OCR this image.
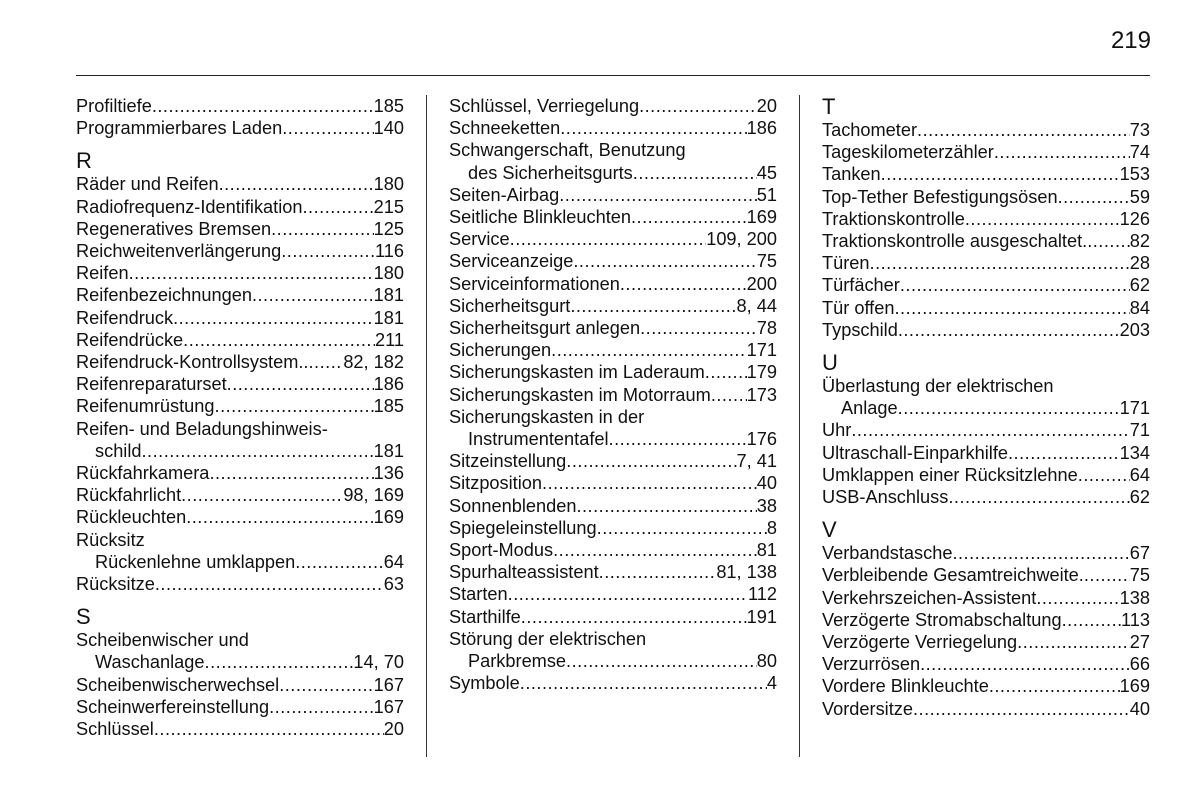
219
Profiltiefe .....	185
Programmierbares Laden .....	140
R
Räder und Reifen .....	180
Radiofrequenz-Identifikation .....	215
Regeneratives Bremsen .....	125
Reichweitenverlängerung .....	116
Reifen .....	180
Reifenbezeichnungen .....	181
Reifendruck .....	181
Reifendrücke .....	211
Reifendruck-Kontrollsystem.. ..... 82, 182
Reifenreparaturset .....	186
Reifenumrüstung .....	185
Reifen- und Beladungshinweis-
schild .....	181
Rückfahrkamera .....	136
Rückfahrlicht .....	98, 169
Rückleuchten .....	169
Rücksitz
Rückenlehne umklappen .....	64
Rücksitze .....	63
S
Scheibenwischer und
Waschanlage .....	14, 70
Scheibenwischerwechsel .....	167
Scheinwerfereinstellung .....	167
Schlüssel .....	20
Schlüssel, Verriegelung .....	20
Schneeketten .....	186
Schwangerschaft, Benutzung
des Sicherheitsgurts .....	45
Seiten-Airbag .....	51
Seitliche Blinkleuchten .....	169
Service .....	109, 200
Serviceanzeige .....	75
Serviceinformationen .....	200
Sicherheitsgurt .....	8, 44
Sicherheitsgurt anlegen .....	78
Sicherungen .....	171
Sicherungskasten im Laderaum ..... 179
Sicherungskasten im Motorraum ..... 173
Sicherungskasten in der
Instrumententafel .....	176
Sitzeinstellung .....	7, 41
Sitzposition .....	40
Sonnenblenden .....	38
Spiegeleinstellung .....	8
Sport-Modus .....	81
Spurhalteassistent .....	81, 138
Starten .....	112
Starthilfe .....	191
Störung der elektrischen
Parkbremse .....	80
Symbole .....	4
T
Tachometer .....	73
Tageskilometerzähler .....	74
Tanken .....	153
Top-Tether Befestigungsösen .....	59
Traktionskontrolle .....	126
Traktionskontrolle ausgeschaltet. ..... 82
Türen .....	28
Türfächer .....	62
Tür offen .....	84
Typschild .....	203
U
Überlastung der elektrischen
Anlage .....	171
Uhr .....	71
Ultraschall-Einparkhilfe .....	134
Umklappen einer Rücksitzlehne .....	64
USB-Anschluss .....	62
V
Verbandstasche .....	67
Verbleibende Gesamtreichweite. .....	75
Verkehrszeichen-Assistent .....	138
Verzögerte Stromabschaltung .....	113
Verzögerte Verriegelung .....	27
Verzurrösen .....	66
Vordere Blinkleuchte .....	169
Vordersitze .....	40
